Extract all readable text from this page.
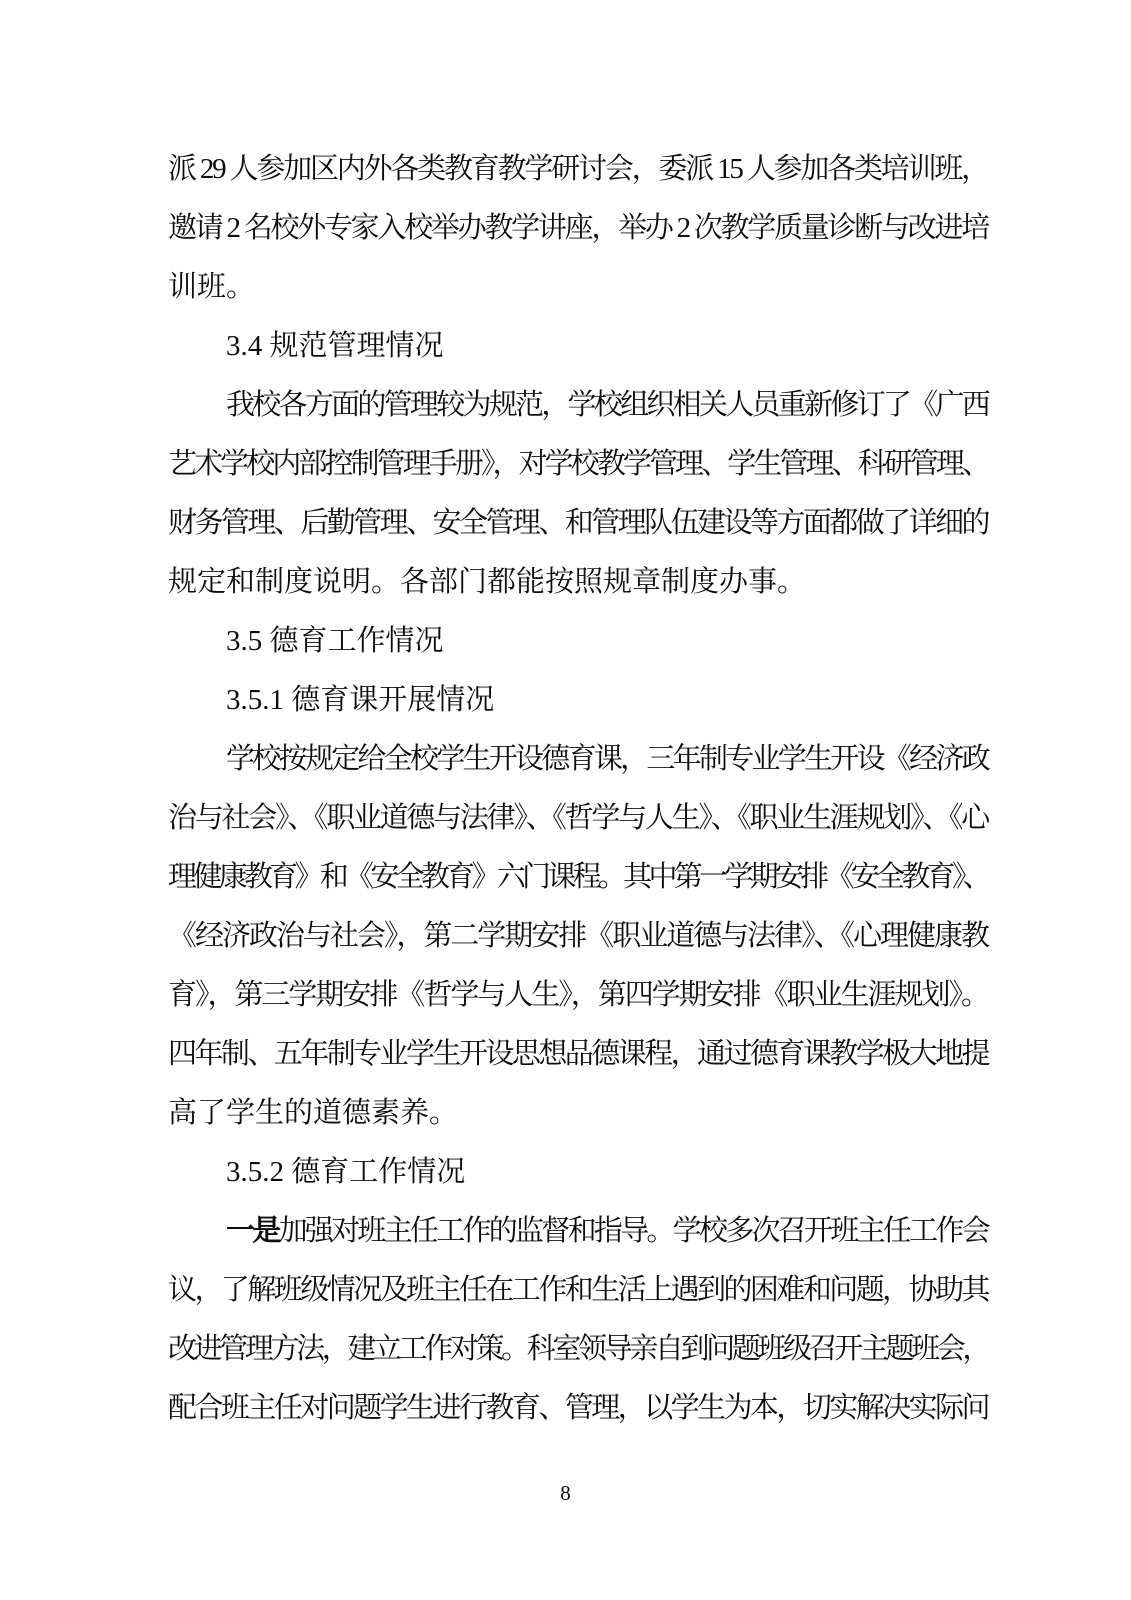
派 29 人参加区内外各类教育教学研讨会，委派 15 人参加各类培训班，
邀请 2 名校外专家入校举办教学讲座，举办 2 次教学质量诊断与改进培
训班。
3.4 规范管理情况
我校各方面的管理较为规范，学校组织相关人员重新修订了《广西
艺术学校内部控制管理手册》，对学校教学管理、学生管理、科研管理、
财务管理、后勤管理、安全管理、和管理队伍建设等方面都做了详细的
规定和制度说明。各部门都能按照规章制度办事。
3.5 德育工作情况
3.5.1 德育课开展情况
学校按规定给全校学生开设德育课，三年制专业学生开设《经济政
治与社会》、《职业道德与法律》、《哲学与人生》、《职业生涯规划》、《心
理健康教育》和《安全教育》六门课程。其中第一学期安排《安全教育》、
《经济政治与社会》，第二学期安排《职业道德与法律》、《心理健康教
育》，第三学期安排《哲学与人生》，第四学期安排《职业生涯规划》。
四年制、五年制专业学生开设思想品德课程，通过德育课教学极大地提
高了学生的道德素养。
3.5.2 德育工作情况
一是加强对班主任工作的监督和指导。学校多次召开班主任工作会
议，了解班级情况及班主任在工作和生活上遇到的困难和问题，协助其
改进管理方法，建立工作对策。科室领导亲自到问题班级召开主题班会，
配合班主任对问题学生进行教育、管理，以学生为本，切实解决实际问
8
